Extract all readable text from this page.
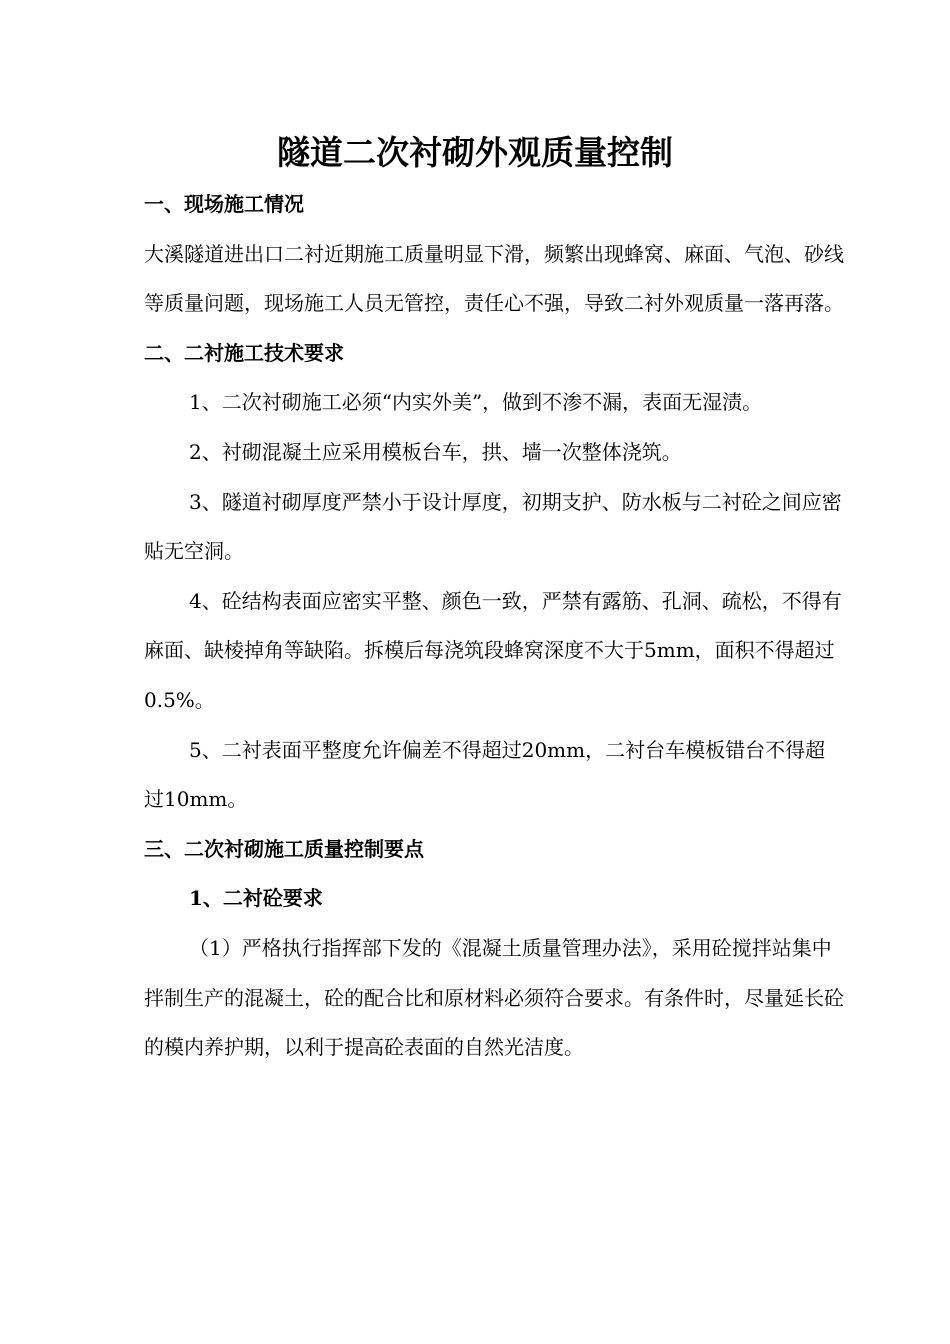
隧道二次衬砌外观质量控制

一、现场施工情况

大溪隧道进出口二衬近期施工质量明显下滑，频繁出现蜂窝、麻面、气泡、砂线等质量问题，现场施工人员无管控，责任心不强，导致二衬外观质量一落再落。

二、二衬施工技术要求

1、二次衬砌施工必须“内实外美”，做到不渗不漏，表面无湿渍。

2、衬砌混凝土应采用模板台车，拱、墙一次整体浇筑。

3、隧道衬砌厚度严禁小于设计厚度，初期支护、防水板与二衬砼之间应密贴无空洞。

4、砼结构表面应密实平整、颜色一致，严禁有露筋、孔洞、疏松，不得有麻面、缺棱掉角等缺陷。拆模后每浇筑段蜂窝深度不大于5mm，面积不得超过0.5%。

5、二衬表面平整度允许偏差不得超过20mm，二衬台车模板错台不得超过10mm。

三、二次衬砌施工质量控制要点

1、二衬砼要求

（1）严格执行指挥部下发的《混凝土质量管理办法》，采用砼搅拌站集中拌制生产的混凝土，砼的配合比和原材料必须符合要求。有条件时，尽量延长砼的模内养护期，以利于提高砼表面的自然光洁度。
